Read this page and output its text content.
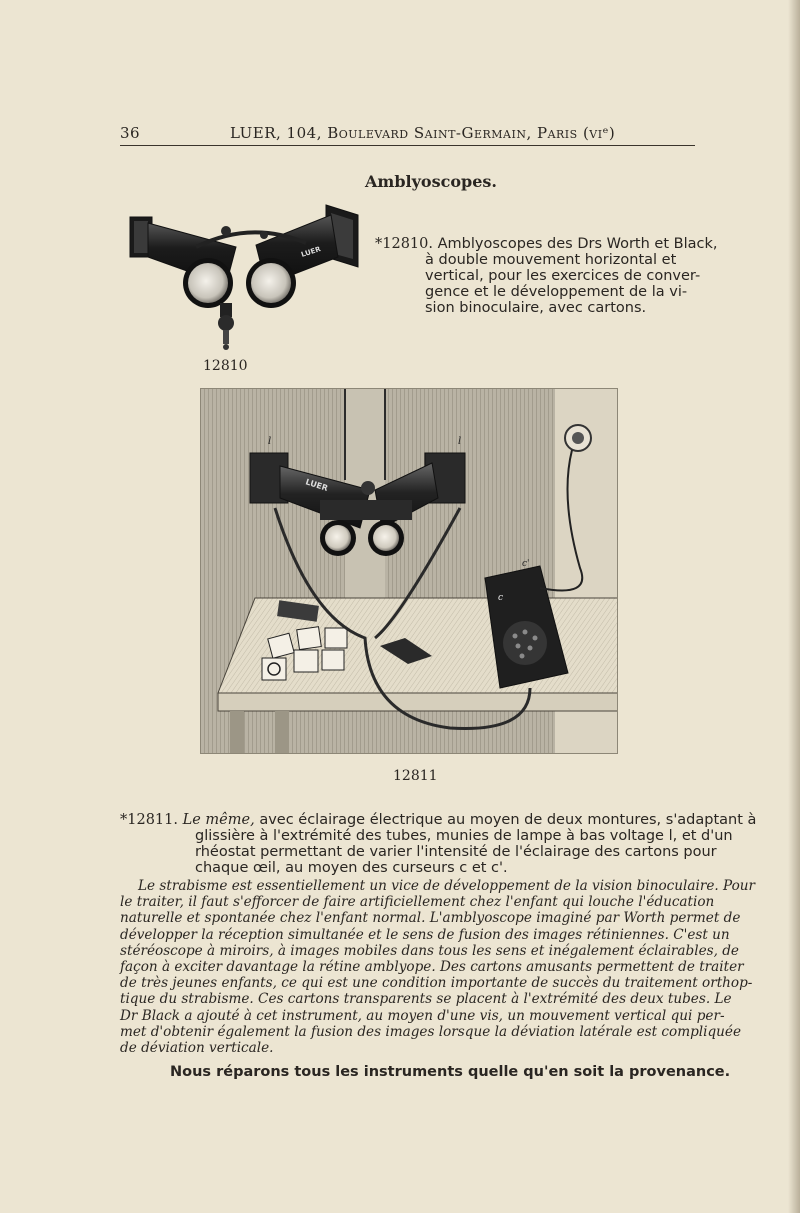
36	LUER, 104, Boulevard Saint-Germain, Paris (viᵉ)
Amblyoscopes.
LUER
12810
*12810. Amblyoscopes des Drs Worth et Black,
à double mouvement horizontal et
vertical, pour les exercices de conver-
gence et le développement de la vi-
sion binoculaire, avec cartons.
l	l
LUER
c'
c
12811
*12811. Le même, avec éclairage électrique au moyen de deux montures, s'adaptant à
glissière à l'extrémité des tubes, munies de lampe à bas voltage l, et d'un
rhéostat permettant de varier l'intensité de l'éclairage des cartons pour
chaque œil, au moyen des curseurs c et c'.
Le strabisme est essentiellement un vice de développement de la vision binoculaire. Pour
le traiter, il faut s'efforcer de faire artificiellement chez l'enfant qui louche l'éducation
naturelle et spontanée chez l'enfant normal. L'amblyoscope imaginé par Worth permet de
développer la réception simultanée et le sens de fusion des images rétiniennes. C'est un
stéréoscope à miroirs, à images mobiles dans tous les sens et inégalement éclairables, de
façon à exciter davantage la rétine amblyope. Des cartons amusants permettent de traiter
de très jeunes enfants, ce qui est une condition importante de succès du traitement orthop-
tique du strabisme. Ces cartons transparents se placent à l'extrémité des deux tubes. Le
Dr Black a ajouté à cet instrument, au moyen d'une vis, un mouvement vertical qui per-
met d'obtenir également la fusion des images lorsque la déviation latérale est compliquée
de déviation verticale.
Nous réparons tous les instruments quelle qu'en soit la provenance.
